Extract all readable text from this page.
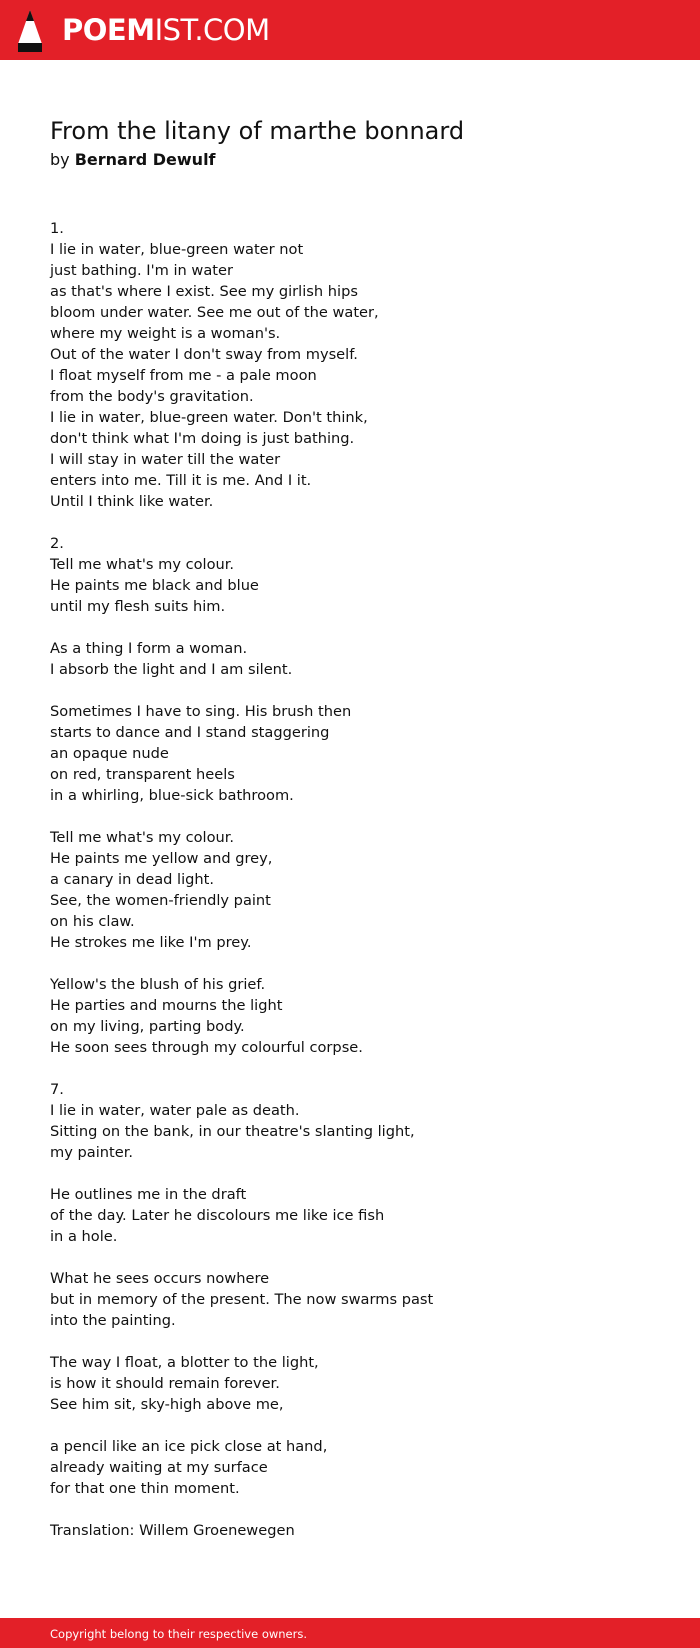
POEMIST.COM
From the litany of marthe bonnard
by Bernard Dewulf
1.
I lie in water, blue-green water not
just bathing. I'm in water
as that's where I exist. See my girlish hips
bloom under water. See me out of the water,
where my weight is a woman's.
Out of the water I don't sway from myself.
I float myself from me - a pale moon
from the body's gravitation.
I lie in water, blue-green water. Don't think,
don't think what I'm doing is just bathing.
I will stay in water till the water
enters into me. Till it is me. And I it.
Until I think like water.
2.
Tell me what's my colour.
He paints me black and blue
until my flesh suits him.
As a thing I form a woman.
I absorb the light and I am silent.
Sometimes I have to sing. His brush then
starts to dance and I stand staggering
an opaque nude
on red, transparent heels
in a whirling, blue-sick bathroom.
Tell me what's my colour.
He paints me yellow and grey,
a canary in dead light.
See, the women-friendly paint
on his claw.
He strokes me like I'm prey.
Yellow's the blush of his grief.
He parties and mourns the light
on my living, parting body.
He soon sees through my colourful corpse.
7.
I lie in water, water pale as death.
Sitting on the bank, in our theatre's slanting light,
my painter.
He outlines me in the draft
of the day. Later he discolours me like ice fish
in a hole.
What he sees occurs nowhere
but in memory of the present. The now swarms past
into the painting.
The way I float, a blotter to the light,
is how it should remain forever.
See him sit, sky-high above me,
a pencil like an ice pick close at hand,
already waiting at my surface
for that one thin moment.
Translation: Willem Groenewegen
Copyright belong to their respective owners.
